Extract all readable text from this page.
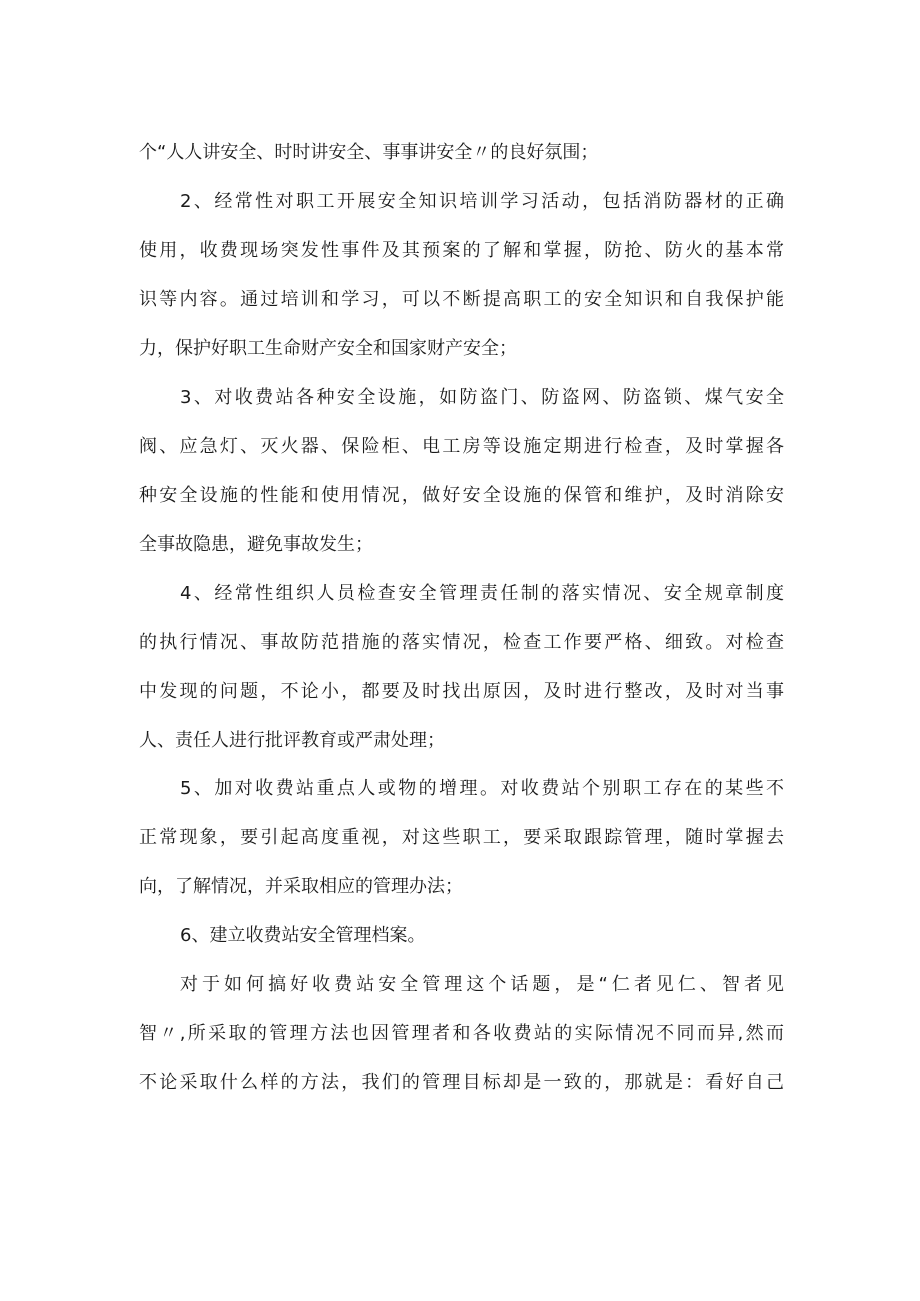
个“人人讲安全、时时讲安全、事事讲安全〃的良好氛围；
2、经常性对职工开展安全知识培训学习活动，包括消防器材的正确
使用，收费现场突发性事件及其预案的了解和掌握，防抢、防火的基本常
识等内容。通过培训和学习，可以不断提高职工的安全知识和自我保护能
力，保护好职工生命财产安全和国家财产安全；
3、对收费站各种安全设施，如防盗门、防盗网、防盗锁、煤气安全
阀、应急灯、灭火器、保险柜、电工房等设施定期进行检查，及时掌握各
种安全设施的性能和使用情况，做好安全设施的保管和维护，及时消除安
全事故隐患，避免事故发生；
4、经常性组织人员检查安全管理责任制的落实情况、安全规章制度
的执行情况、事故防范措施的落实情况，检查工作要严格、细致。对检查
中发现的问题，不论小，都要及时找出原因，及时进行整改，及时对当事
人、责任人进行批评教育或严肃处理；
5、加对收费站重点人或物的增理。对收费站个别职工存在的某些不
正常现象，要引起高度重视，对这些职工，要采取跟踪管理，随时掌握去
向，了解情况，并采取相应的管理办法；
6、建立收费站安全管理档案。
对于如何搞好收费站安全管理这个话题，是“仁者见仁、智者见
智〃,所采取的管理方法也因管理者和各收费站的实际情况不同而异,然而
不论采取什么样的方法，我们的管理目标却是一致的，那就是：看好自己
